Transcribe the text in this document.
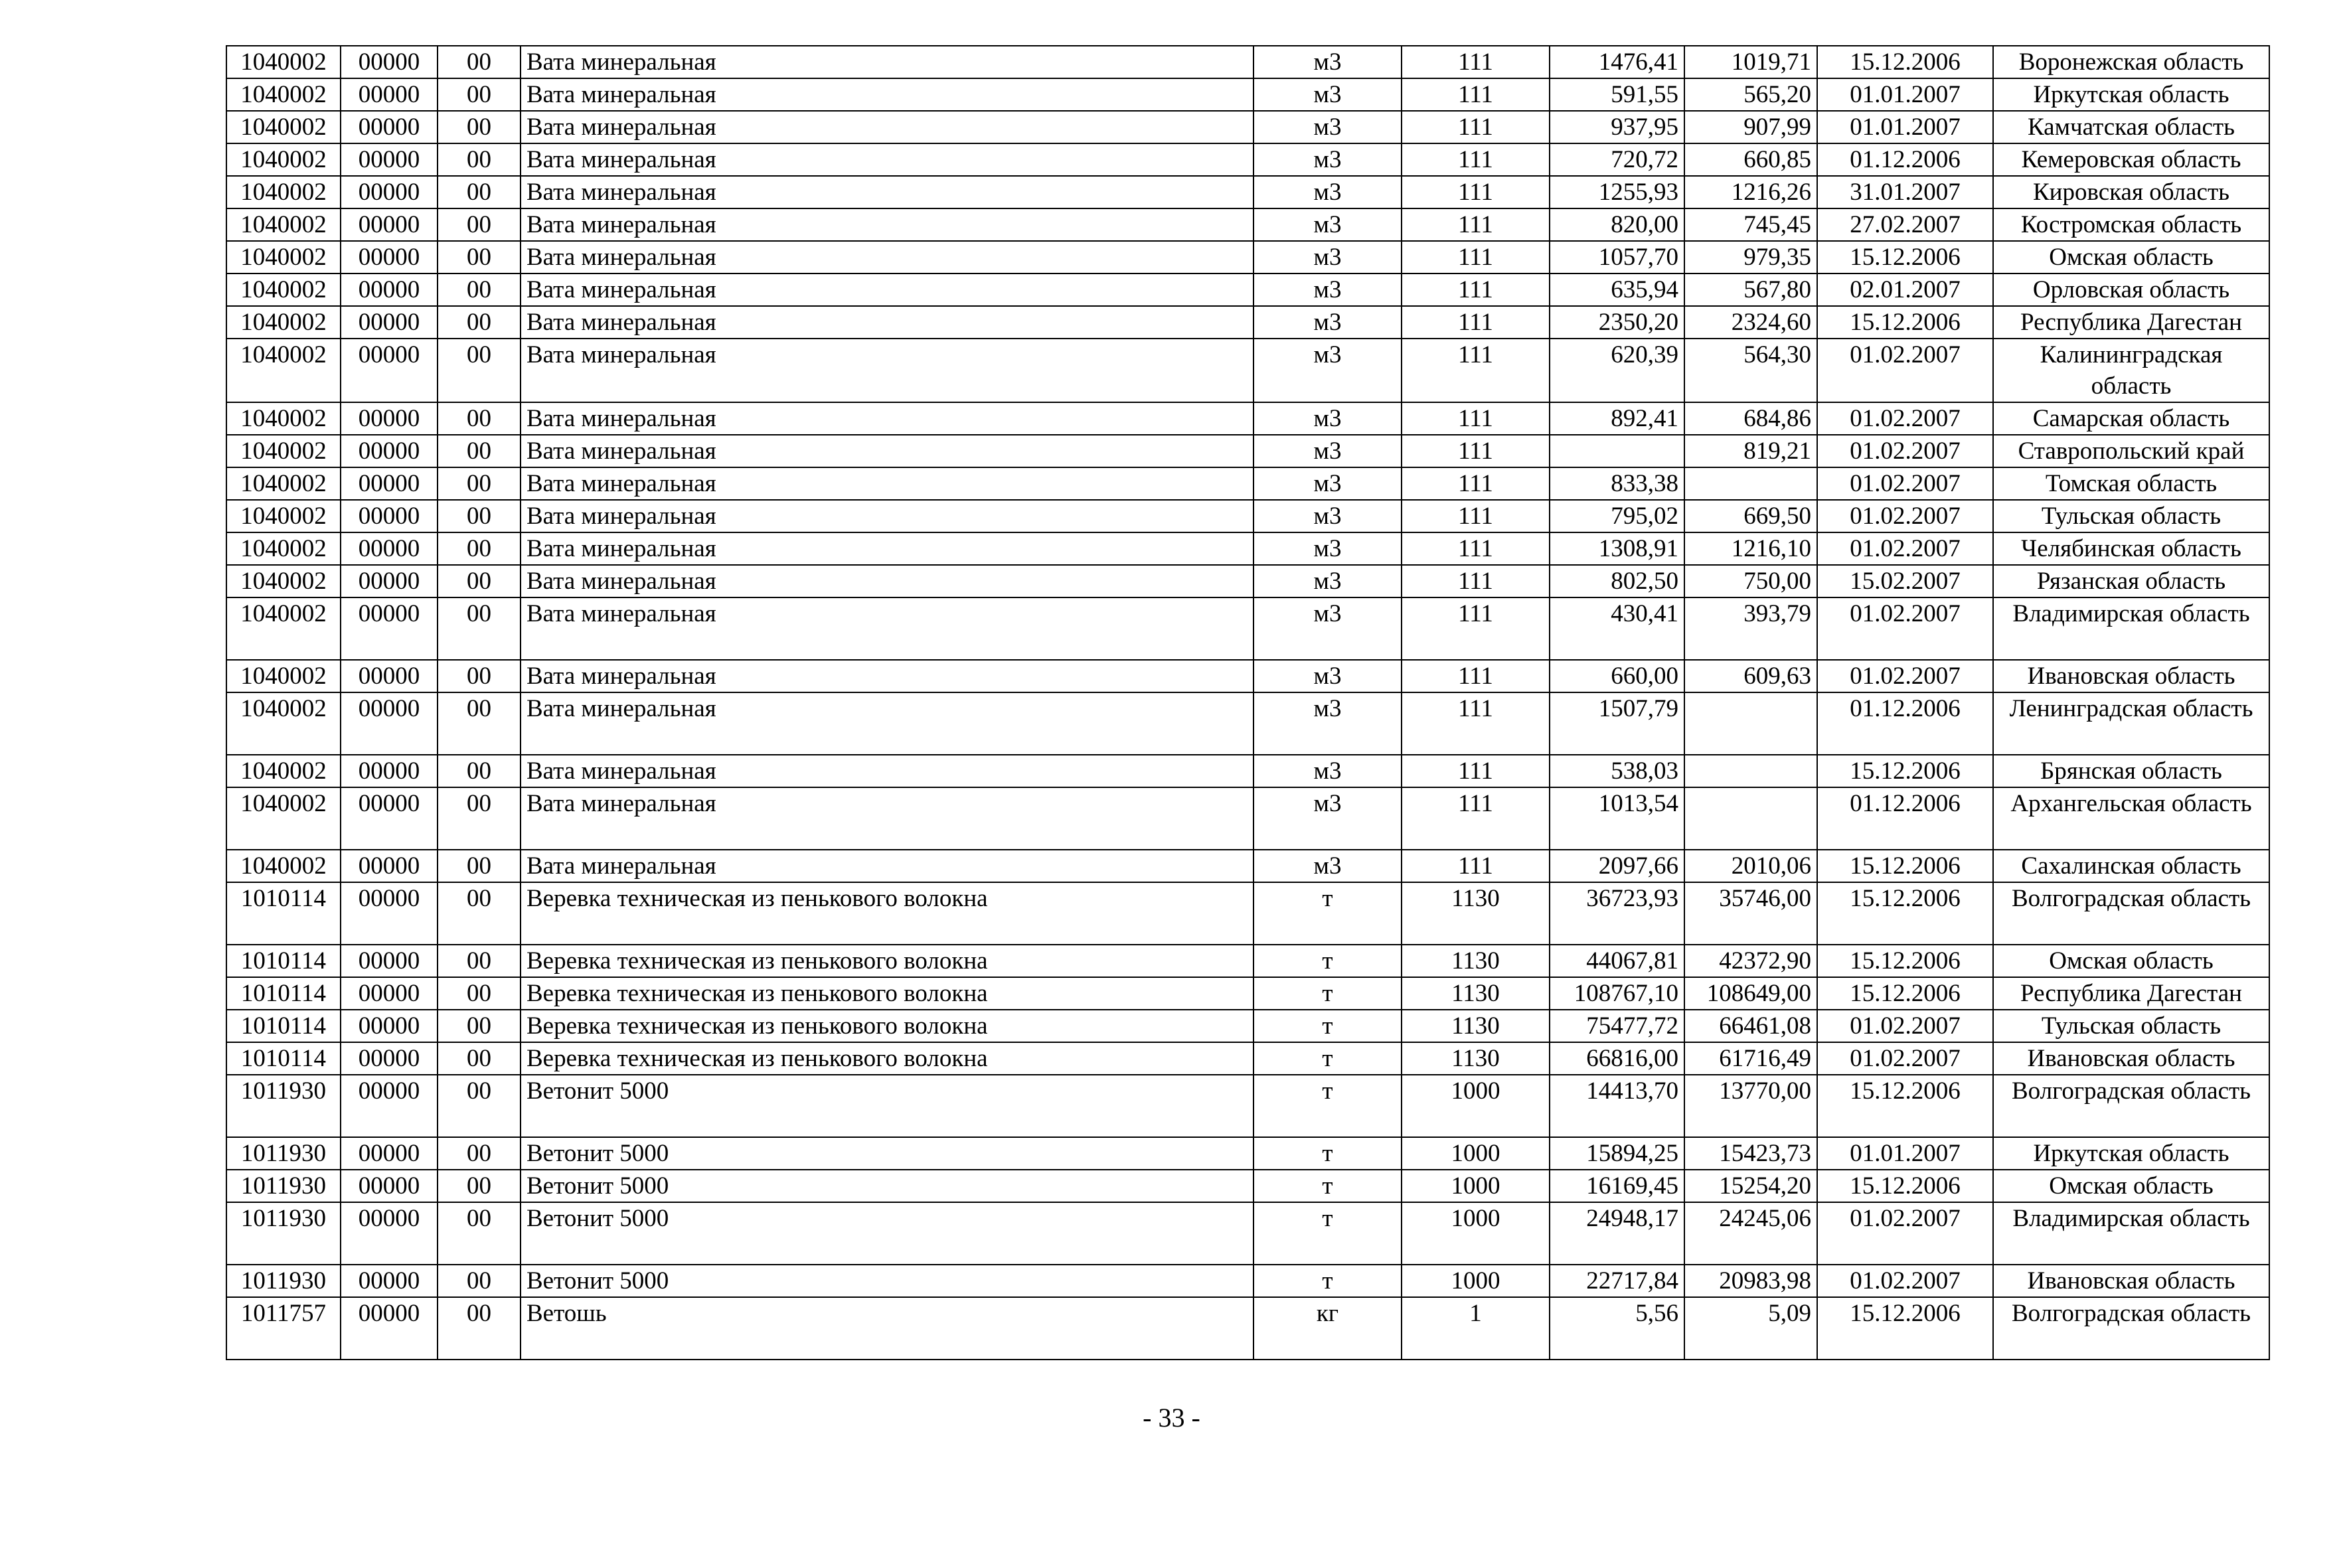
1040002	00000	00	Вата минеральная	м3	111	1476,41	1019,71	15.12.2006	Воронежская область
1040002	00000	00	Вата минеральная	м3	111	591,55	565,20	01.01.2007	Иркутская область
1040002	00000	00	Вата минеральная	м3	111	937,95	907,99	01.01.2007	Камчатская область
1040002	00000	00	Вата минеральная	м3	111	720,72	660,85	01.12.2006	Кемеровская область
1040002	00000	00	Вата минеральная	м3	111	1255,93	1216,26	31.01.2007	Кировская область
1040002	00000	00	Вата минеральная	м3	111	820,00	745,45	27.02.2007	Костромская область
1040002	00000	00	Вата минеральная	м3	111	1057,70	979,35	15.12.2006	Омская область
1040002	00000	00	Вата минеральная	м3	111	635,94	567,80	02.01.2007	Орловская область
1040002	00000	00	Вата минеральная	м3	111	2350,20	2324,60	15.12.2006	Республика Дагестан
1040002	00000	00	Вата минеральная	м3	111	620,39	564,30	01.02.2007	Калининградская область
1040002	00000	00	Вата минеральная	м3	111	892,41	684,86	01.02.2007	Самарская область
1040002	00000	00	Вата минеральная	м3	111		819,21	01.02.2007	Ставропольский край
1040002	00000	00	Вата минеральная	м3	111	833,38		01.02.2007	Томская область
1040002	00000	00	Вата минеральная	м3	111	795,02	669,50	01.02.2007	Тульская область
1040002	00000	00	Вата минеральная	м3	111	1308,91	1216,10	01.02.2007	Челябинская область
1040002	00000	00	Вата минеральная	м3	111	802,50	750,00	15.02.2007	Рязанская область
1040002	00000	00	Вата минеральная	м3	111	430,41	393,79	01.02.2007	Владимирская область
1040002	00000	00	Вата минеральная	м3	111	660,00	609,63	01.02.2007	Ивановская область
1040002	00000	00	Вата минеральная	м3	111	1507,79		01.12.2006	Ленинградская область
1040002	00000	00	Вата минеральная	м3	111	538,03		15.12.2006	Брянская область
1040002	00000	00	Вата минеральная	м3	111	1013,54		01.12.2006	Архангельская область
1040002	00000	00	Вата минеральная	м3	111	2097,66	2010,06	15.12.2006	Сахалинская область
1010114	00000	00	Веревка техническая из пенькового волокна	т	1130	36723,93	35746,00	15.12.2006	Волгоградская область
1010114	00000	00	Веревка техническая из пенькового волокна	т	1130	44067,81	42372,90	15.12.2006	Омская область
1010114	00000	00	Веревка техническая из пенькового волокна	т	1130	108767,10	108649,00	15.12.2006	Республика Дагестан
1010114	00000	00	Веревка техническая из пенькового волокна	т	1130	75477,72	66461,08	01.02.2007	Тульская область
1010114	00000	00	Веревка техническая из пенькового волокна	т	1130	66816,00	61716,49	01.02.2007	Ивановская область
1011930	00000	00	Ветонит 5000	т	1000	14413,70	13770,00	15.12.2006	Волгоградская область
1011930	00000	00	Ветонит 5000	т	1000	15894,25	15423,73	01.01.2007	Иркутская область
1011930	00000	00	Ветонит 5000	т	1000	16169,45	15254,20	15.12.2006	Омская область
1011930	00000	00	Ветонит 5000	т	1000	24948,17	24245,06	01.02.2007	Владимирская область
1011930	00000	00	Ветонит 5000	т	1000	22717,84	20983,98	01.02.2007	Ивановская область
1011757	00000	00	Ветошь	кг	1	5,56	5,09	15.12.2006	Волгоградская область
- 33 -
